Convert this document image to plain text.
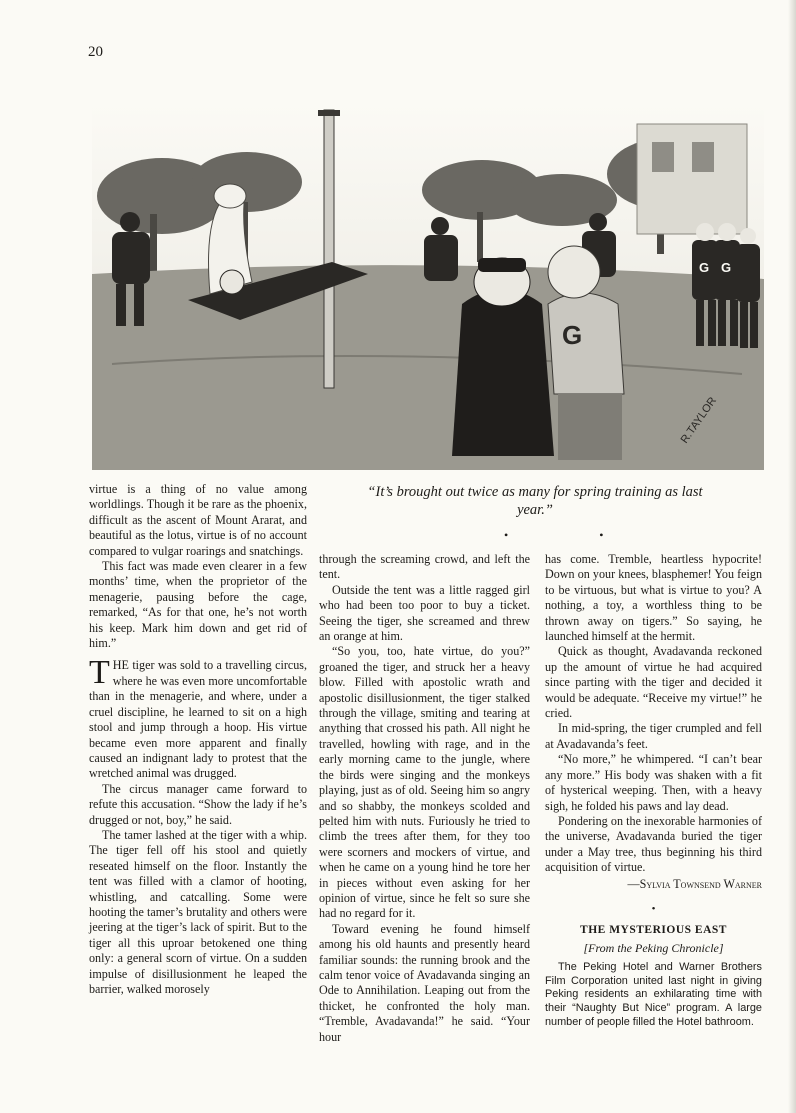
20
G G
G
R.TAYLOR
“It’s brought out twice as many for spring training as last year.”
• •

virtue is a thing of no value among worldlings. Though it be rare as the phoenix, difficult as the ascent of Mount Ararat, and beautiful as the lotus, virtue is of no account compared to vulgar roarings and snatchings.

This fact was made even clearer in a few months’ time, when the proprietor of the menagerie, pausing before the cage, remarked, “As for that one, he’s not worth his keep. Mark him down and get rid of him.”

THE tiger was sold to a travelling circus, where he was even more uncomfortable than in the menagerie, and where, under a cruel discipline, he learned to sit on a high stool and jump through a hoop. His virtue became even more apparent and finally caused an indignant lady to protest that the wretched animal was drugged.

The circus manager came forward to refute this accusation. “Show the lady if he’s drugged or not, boy,” he said.

The tamer lashed at the tiger with a whip. The tiger fell off his stool and quietly reseated himself on the floor. Instantly the tent was filled with a clamor of hooting, whistling, and catcalling. Some were hooting the tamer’s brutality and others were jeering at the tiger’s lack of spirit. But to the tiger all this uproar betokened one thing only: a general scorn of virtue. On a sudden impulse of disillusionment he leaped the barrier, walked morosely

through the screaming crowd, and left the tent.

Outside the tent was a little ragged girl who had been too poor to buy a ticket. Seeing the tiger, she screamed and threw an orange at him.

“So you, too, hate virtue, do you?” groaned the tiger, and struck her a heavy blow. Filled with apostolic wrath and apostolic disillusionment, the tiger stalked through the village, smiting and tearing at anything that crossed his path. All night he travelled, howling with rage, and in the early morning came to the jungle, where the birds were singing and the monkeys playing, just as of old. Seeing him so angry and so shabby, the monkeys scolded and pelted him with nuts. Furiously he tried to climb the trees after them, for they too were scorners and mockers of virtue, and when he came on a young hind he tore her in pieces without even asking for her opinion of virtue, since he felt so sure she had no regard for it.

Toward evening he found himself among his old haunts and presently heard familiar sounds: the running brook and the calm tenor voice of Avadavanda singing an Ode to Annihilation. Leaping out from the thicket, he confronted the holy man. “Tremble, Avadavanda!” he said. “Your hour

has come. Tremble, heartless hypocrite! Down on your knees, blasphemer! You feign to be virtuous, but what is virtue to you? A nothing, a toy, a worthless thing to be thrown away on tigers.” So saying, he launched himself at the hermit.

Quick as thought, Avadavanda reckoned up the amount of virtue he had acquired since parting with the tiger and decided it would be adequate. “Receive my virtue!” he cried.

In mid-spring, the tiger crumpled and fell at Avadavanda’s feet.

“No more,” he whimpered. “I can’t bear any more.” His body was shaken with a fit of hysterical weeping. Then, with a heavy sigh, he folded his paws and lay dead.

Pondering on the inexorable harmonies of the universe, Avadavanda buried the tiger under a May tree, thus beginning his third acquisition of virtue.

—Sylvia Townsend Warner
•
THE MYSTERIOUS EAST
[From the Peking Chronicle]

The Peking Hotel and Warner Brothers Film Corporation united last night in giving Peking residents an exhilarating time with their “Naughty But Nice” program. A large number of people filled the Hotel bathroom.
